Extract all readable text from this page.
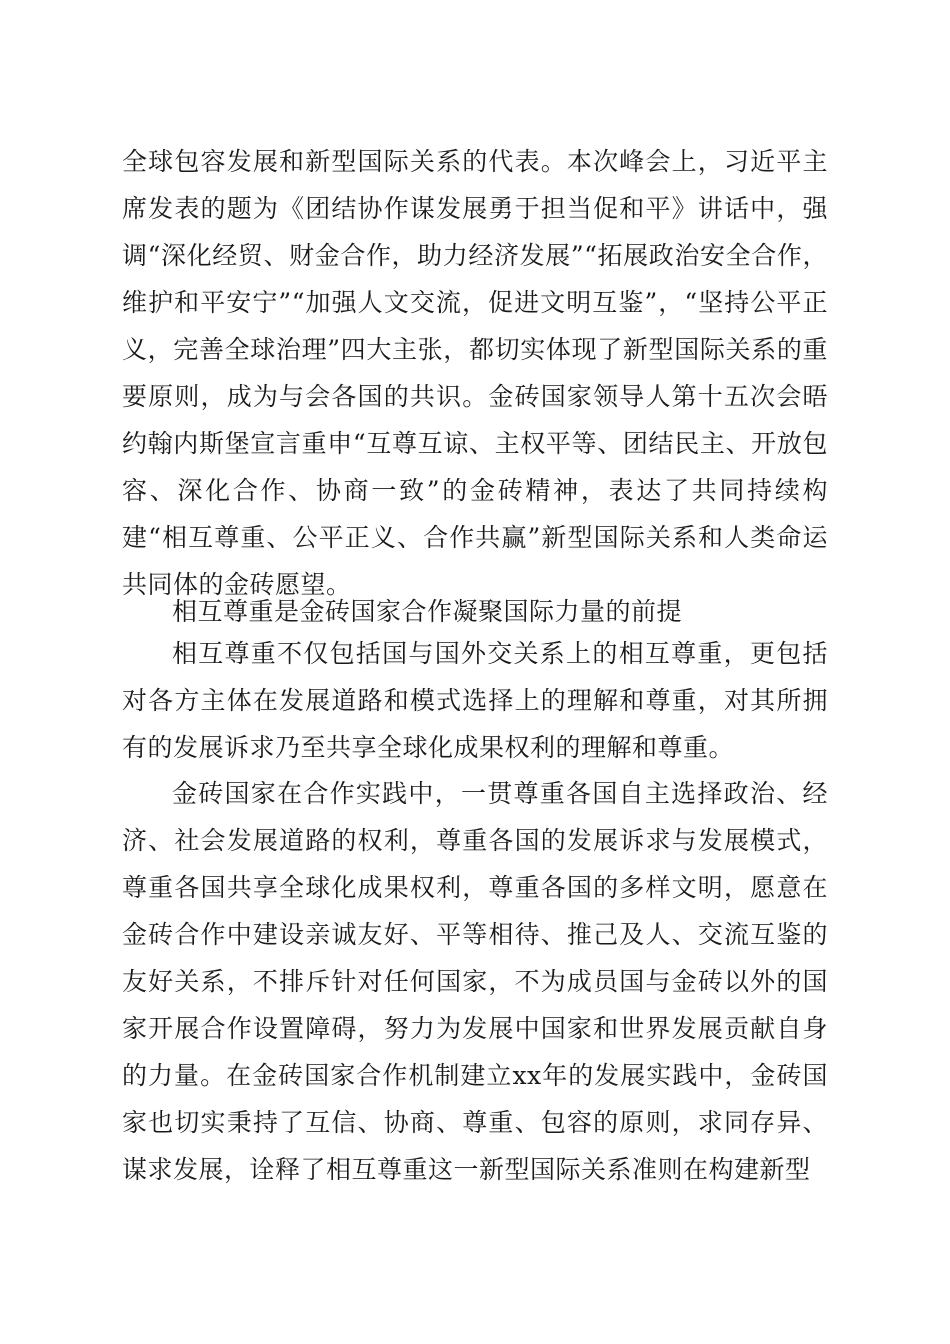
全球包容发展和新型国际关系的代表。本次峰会上，习近平主席发表的题为《团结协作谋发展勇于担当促和平》讲话中，强调“深化经贸、财金合作，助力经济发展”“拓展政治安全合作，维护和平安宁”“加强人文交流，促进文明互鉴”，“坚持公平正义，完善全球治理”四大主张，都切实体现了新型国际关系的重要原则，成为与会各国的共识。金砖国家领导人第十五次会晤约翰内斯堡宣言重申“互尊互谅、主权平等、团结民主、开放包容、深化合作、协商一致”的金砖精神，表达了共同持续构建“相互尊重、公平正义、合作共赢”新型国际关系和人类命运共同体的金砖愿望。

相互尊重是金砖国家合作凝聚国际力量的前提

相互尊重不仅包括国与国外交关系上的相互尊重，更包括对各方主体在发展道路和模式选择上的理解和尊重，对其所拥有的发展诉求乃至共享全球化成果权利的理解和尊重。

金砖国家在合作实践中，一贯尊重各国自主选择政治、经济、社会发展道路的权利，尊重各国的发展诉求与发展模式，尊重各国共享全球化成果权利，尊重各国的多样文明，愿意在金砖合作中建设亲诚友好、平等相待、推己及人、交流互鉴的友好关系，不排斥针对任何国家，不为成员国与金砖以外的国家开展合作设置障碍，努力为发展中国家和世界发展贡献自身的力量。在金砖国家合作机制建立xx年的发展实践中，金砖国家也切实秉持了互信、协商、尊重、包容的原则，求同存异、谋求发展，诠释了相互尊重这一新型国际关系准则在构建新型
